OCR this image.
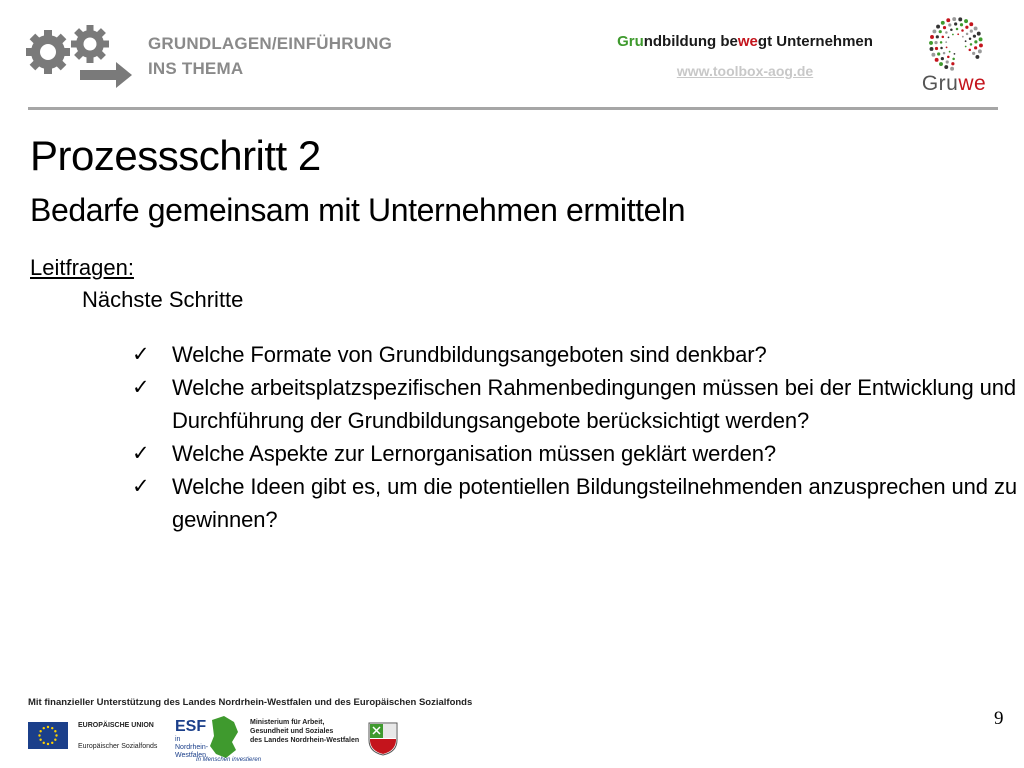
GRUNDLAGEN/EINFÜHRUNG
INS THEMA
Grundbildung bewegt Unternehmen
www.toolbox-aog.de
Gruwe
Prozessschritt 2
Bedarfe gemeinsam mit Unternehmen ermitteln
Leitfragen:
Nächste Schritte
✓ Welche Formate von Grundbildungsangeboten sind denkbar?
✓ Welche arbeitsplatzspezifischen Rahmenbedingungen müssen bei der Entwicklung und Durchführung der Grundbildungsangebote berücksichtigt werden?
✓ Welche Aspekte zur Lernorganisation müssen geklärt werden?
✓ Welche Ideen gibt es, um die potentiellen Bildungsteilnehmenden anzusprechen und zu gewinnen?
Mit finanzieller Unterstützung des Landes Nordrhein-Westfalen und des Europäischen Sozialfonds
EUROPÄISCHE UNION
Europäischer Sozialfonds
ESF
in
Nordrhein-
Westfalen
In Menschen investieren
Ministerium für Arbeit,
Gesundheit und Soziales
des Landes Nordrhein-Westfalen
9
